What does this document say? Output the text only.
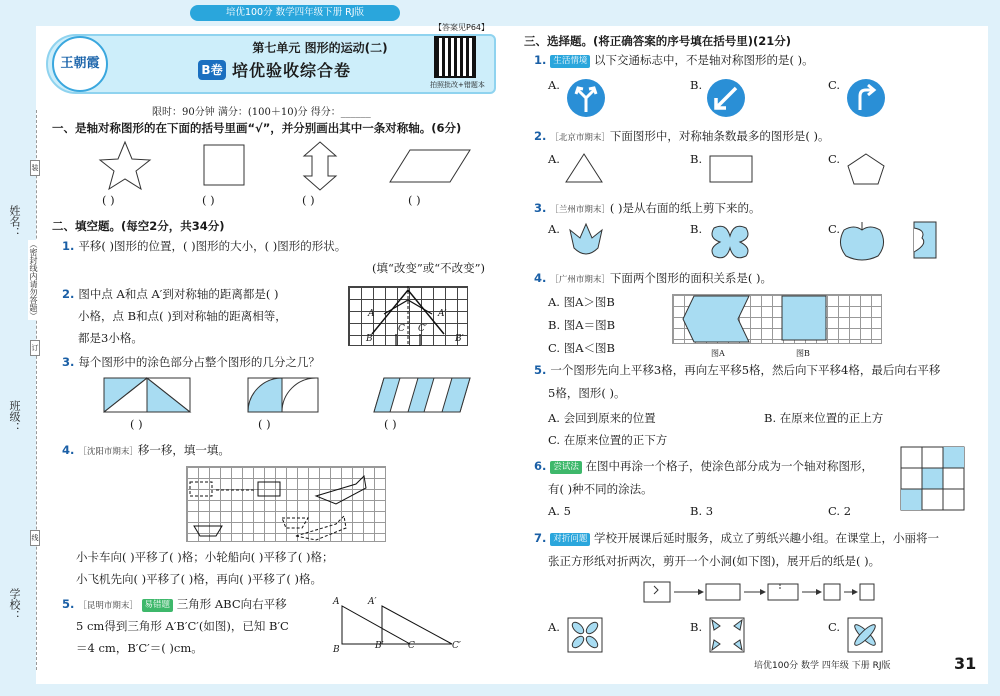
培优100分 数学四年级下册 RJ版
姓名：
班级：
学校：
装
订
线
（密封线内请勿答题）
王朝霞
第七单元 图形的运动(二)
B卷 培优验收综合卷
【答案见P64】
拍照批改+错题本
限时：90分钟 满分：(100＋10)分 得分：______
一、是轴对称图形的在下面的括号里画“√”，并分别画出其中一条对称轴。(6分)
( )	( )	( )	( )
二、填空题。(每空2分，共34分)
1. 平移( )图形的位置，( )图形的大小，( )图形的形状。
(填“改变”或“不改变”)
2. 图中点 A和点 A′到对称轴的距离都是( )
小格，点 B和点( )到对称轴的距离相等，
都是3小格。
A	A′
B	B′
C C′
3. 每个图形中的涂色部分占整个图形的几分之几？
( )	( )	( )
4. ［沈阳市期末］移一移，填一填。
小卡车向( )平移了( )格；小轮船向( )平移了( )格；
小飞机先向( )平移了( )格，再向( )平移了( )格。
5. ［昆明市期末］ 易错题 三角形 ABC向右平移
5 cm得到三角形 A′B′C′(如图)，已知 B′C
＝4 cm，B′C′＝( )cm。
A	A′
B	B′	C	C′
三、选择题。(将正确答案的序号填在括号里)(21分)
1. 生活情境 以下交通标志中，不是轴对称图形的是( )。
A.	B.	C.
2. ［北京市期末］下面图形中，对称轴条数最多的图形是( )。
A.	B.	C.
3. ［兰州市期末］( )是从右面的纸上剪下来的。
A.	B.	C.
4. ［广州市期末］下面两个图形的面积关系是( )。
A. 图A＞图B
B. 图A＝图B
C. 图A＜图B	图A	图B
5. 一个图形先向上平移3格，再向左平移5格，然后向下平移4格，最后向右平移
5格，图形( )。
A. 会回到原来的位置	B. 在原来位置的正上方
C. 在原来位置的正下方
6. 尝试法 在图中再涂一个格子，使涂色部分成为一个轴对称图形，
有( )种不同的涂法。
A. 5	B. 3	C. 2
7. 对折问题 学校开展课后延时服务，成立了剪纸兴趣小组。在课堂上，小丽将一
张正方形纸对折两次，剪开一个小洞(如下图)，展开后的纸是( )。
A.	B.	C.
培优100分 数学 四年级 下册 RJ版	31
